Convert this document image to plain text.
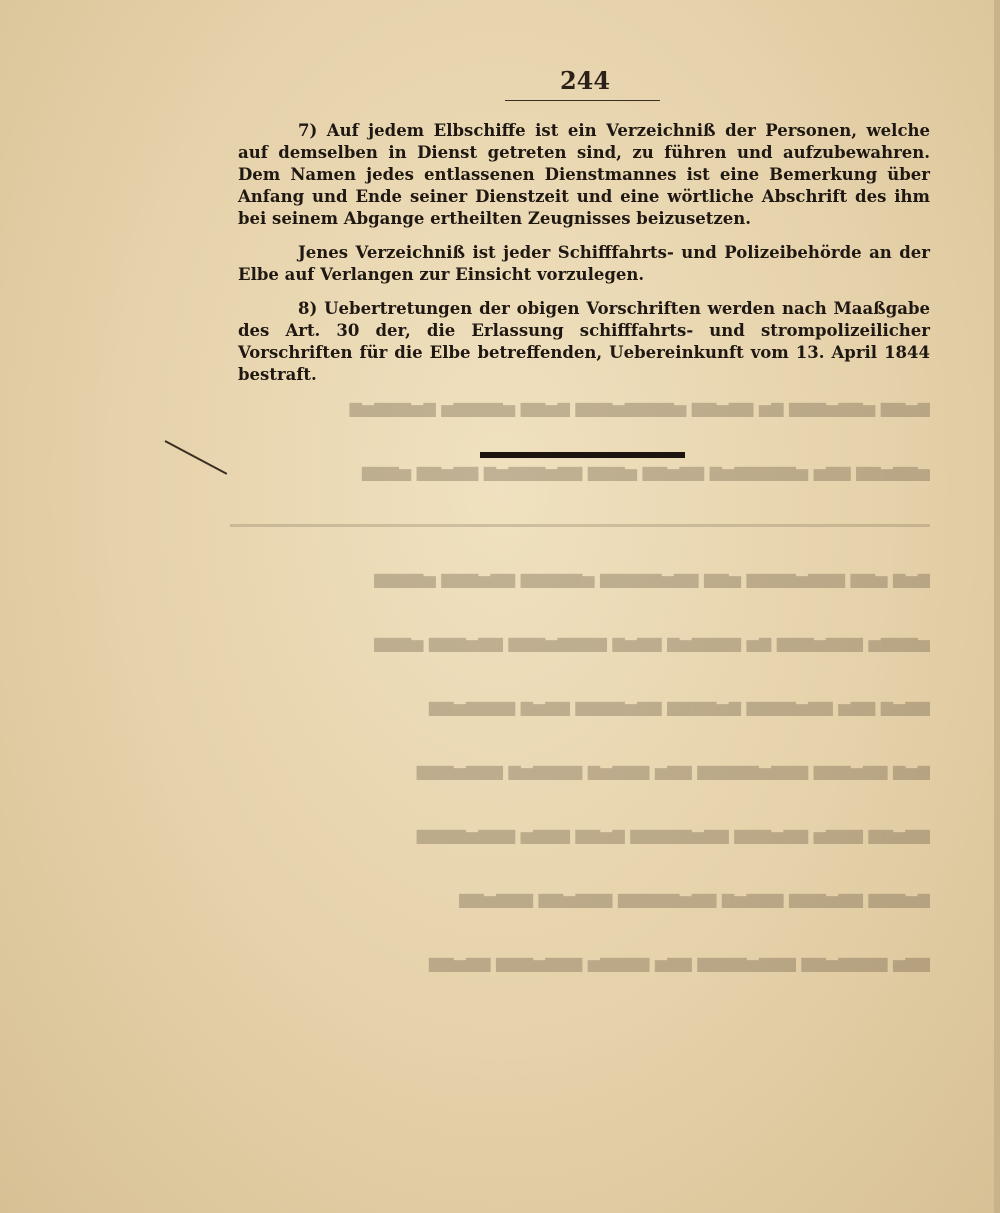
244

7) Auf jedem Elbschiffe ist ein Verzeichniß der Personen, welche auf demselben in Dienst getreten sind, zu führen und aufzubewahren. Dem Namen jedes entlassenen Dienstmannes ist eine Bemerkung über Anfang und Ende seiner Dienstzeit und eine wörtliche Abschrift des ihm bei seinem Abgange ertheilten Zeugnisses beizusetzen.

Jenes Verzeichniß ist jeder Schifffahrts- und Polizeibehörde an der Elbe auf Verlangen zur Einsicht vorzulegen.

8) Uebertretungen der obigen Vorschriften werden nach Maaßgabe des Art. 30 der, die Erlassung schifffahrts- und strompolizeilicher Vorschriften für die Elbe betreffenden, Uebereinkunft vom 13. April 1844 bestraft.

▆▅▆▆ ▅▆▆▅▆▆▆ ▆▅ ▆▆▅▆▆ ▅▆▆▆▆▅▆▆▆ ▆▅▆▆ ▅▆▆▆▆▅ ▆▅▆▆▆▅▆
▅▆▆▅▆▆ ▆▆▅ ▅▆▆▆▆▆▅▆ ▆▆▅▆▆ ▅▆▆▆ ▆▆▅▆▆▆▅▆ ▆▆▅▆▆ ▅▆▆▆
▆▅▆ ▅▆▆ ▆▆▆▅▆▆▆▆ ▅▆▆ ▆▆▅▆▆▆▆▆ ▅▆▆▆▆▆ ▆▆▅▆▆▆ ▅▆▆▆▆
▅▆▆▆▅ ▆▆▆▅▆▆▆ ▆▅ ▆▆▆▆▅▆ ▆▆▅▆ ▆▆▆▆▅▆▆▆ ▆▆▅▆▆▆ ▅▆▆▆
▆▆▅▆ ▆▆▅ ▆▆▅▆▆▆▆ ▆▅▆▆▆▆ ▆▆▅▆▆▆▆ ▆▆▅▆ ▆▆▆▆▅▆▆
▆▅▆ ▆▆▅▆▆▆ ▆▆▆▅▆▆▆▆▆ ▆▆▅ ▆▆▆▅▆ ▆▆▆▆▅▆ ▆▆▆▅▆▆▆
▆▆▅▆▆ ▆▆▆▅ ▆▆▅▆▆▆ ▆▆▅▆▆▆▆▆ ▆▅▆▆ ▆▆▆▅ ▆▆▆▅▆▆▆▆
▆▅▆▆▆ ▆▆▅▆▆▆ ▆▆▆▅▆ ▆▆▅▆▆▆▆▆ ▆▆▆▅▆▆ ▆▆▆▅▆▆
▆▆▅ ▆▆▆▆▅▆▆ ▆▆▆▅▆▆▆▆ ▆▆▅ ▆▆▆▆▅ ▆▆▆▅▆▆▆ ▆▆▅▆▆
